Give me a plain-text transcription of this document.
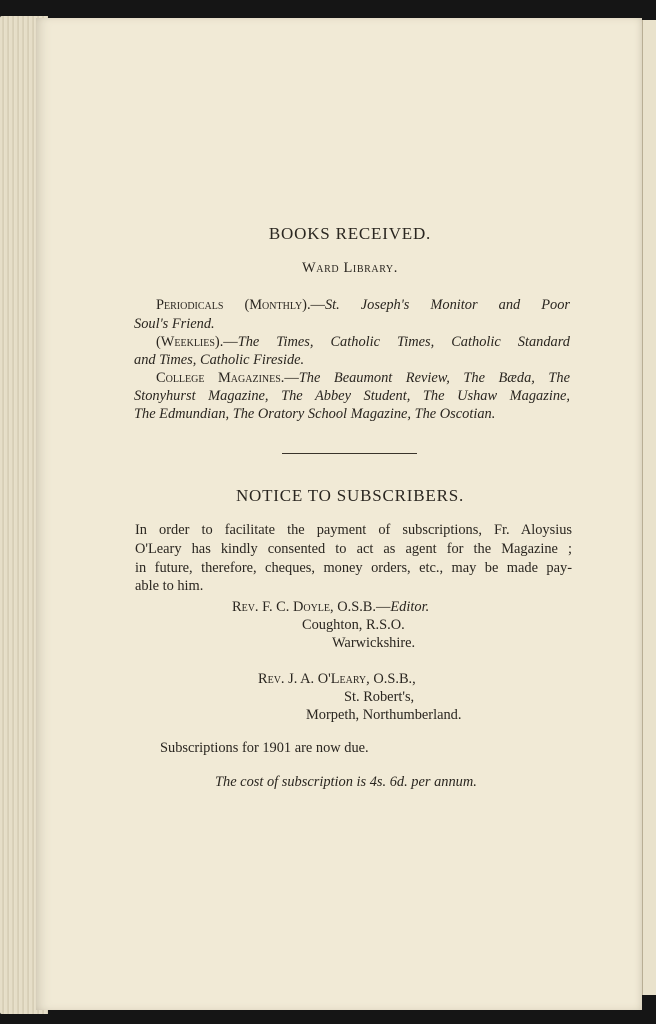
BOOKS RECEIVED.
Ward Library.
Periodicals (Monthly).—St. Joseph's Monitor and Poor
Soul's Friend.
(Weeklies).—The Times, Catholic Times, Catholic Standard
and Times, Catholic Fireside.
College Magazines.—The Beaumont Review, The Bæda, The
Stonyhurst Magazine, The Abbey Student, The Ushaw Magazine,
The Edmundian, The Oratory School Magazine, The Oscotian.
NOTICE TO SUBSCRIBERS.
In order to facilitate the payment of subscriptions, Fr. Aloysius
O'Leary has kindly consented to act as agent for the Magazine ;
in future, therefore, cheques, money orders, etc., may be made pay-
able to him.
Rev. F. C. Doyle, O.S.B.—Editor.
Coughton, R.S.O.
Warwickshire.
Rev. J. A. O'Leary, O.S.B.,
St. Robert's,
Morpeth, Northumberland.
Subscriptions for 1901 are now due.
The cost of subscription is 4s. 6d. per annum.
